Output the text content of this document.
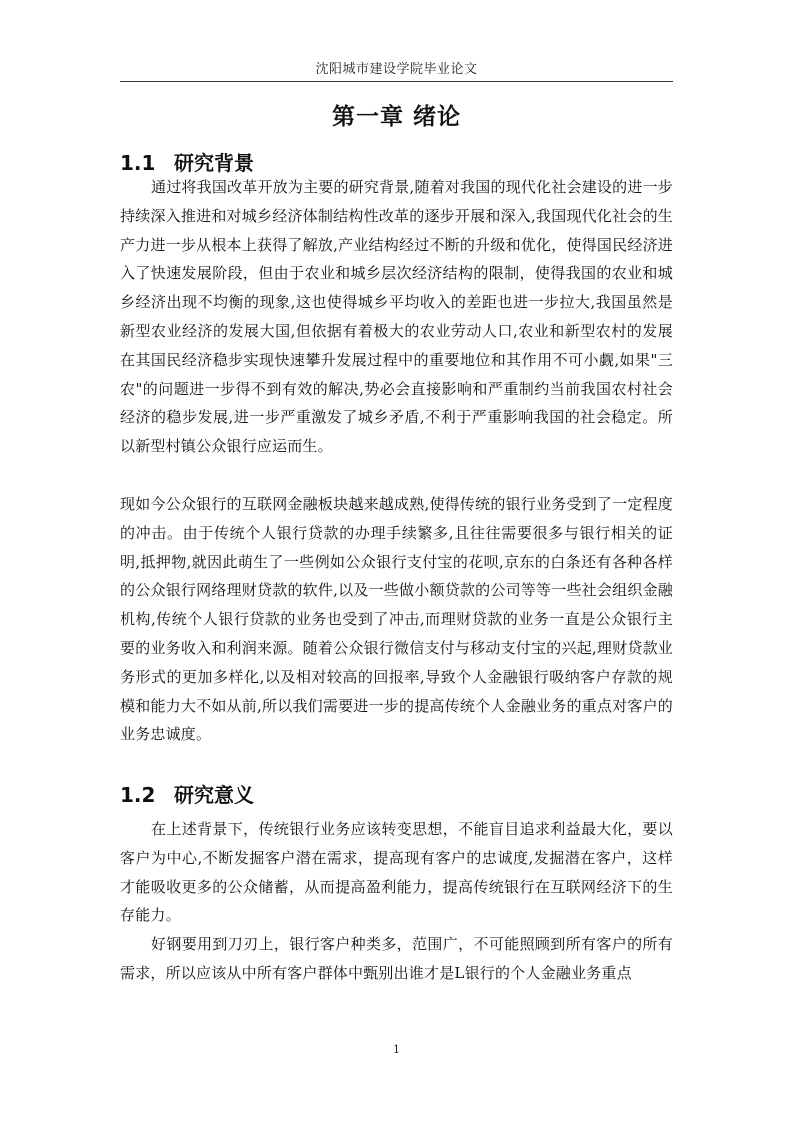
沈阳城市建设学院毕业论文
第一章 绪论
1.1 研究背景

通过将我国改革开放为主要的研究背景,随着对我国的现代化社会建设的进一步持续深入推进和对城乡经济体制结构性改革的逐步开展和深入,我国现代化社会的生产力进一步从根本上获得了解放,产业结构经过不断的升级和优化，使得国民经济进入了快速发展阶段，但由于农业和城乡层次经济结构的限制，使得我国的农业和城乡经济出现不均衡的现象,这也使得城乡平均收入的差距也进一步拉大,我国虽然是新型农业经济的发展大国,但依据有着极大的农业劳动人口,农业和新型农村的发展在其国民经济稳步实现快速攀升发展过程中的重要地位和其作用不可小觑,如果"三农"的问题进一步得不到有效的解决,势必会直接影响和严重制约当前我国农村社会经济的稳步发展,进一步严重激发了城乡矛盾,不利于严重影响我国的社会稳定。所以新型村镇公众银行应运而生。

现如今公众银行的互联网金融板块越来越成熟,使得传统的银行业务受到了一定程度的冲击。由于传统个人银行贷款的办理手续繁多,且往往需要很多与银行相关的证明,抵押物,就因此萌生了一些例如公众银行支付宝的花呗,京东的白条还有各种各样的公众银行网络理财贷款的软件,以及一些做小额贷款的公司等等一些社会组织金融机构,传统个人银行贷款的业务也受到了冲击,而理财贷款的业务一直是公众银行主要的业务收入和利润来源。随着公众银行微信支付与移动支付宝的兴起,理财贷款业务形式的更加多样化,以及相对较高的回报率,导致个人金融银行吸纳客户存款的规模和能力大不如从前,所以我们需要进一步的提高传统个人金融业务的重点对客户的业务忠诚度。

1.2 研究意义

在上述背景下，传统银行业务应该转变思想，不能盲目追求利益最大化，要以客户为中心,不断发掘客户潜在需求，提高现有客户的忠诚度,发掘潜在客户，这样才能吸收更多的公众储蓄，从而提高盈利能力，提高传统银行在互联网经济下的生存能力。

好钢要用到刀刃上，银行客户种类多，范围广，不可能照顾到所有客户的所有需求，所以应该从中所有客户群体中甄别出谁才是L银行的个人金融业务重点

1
